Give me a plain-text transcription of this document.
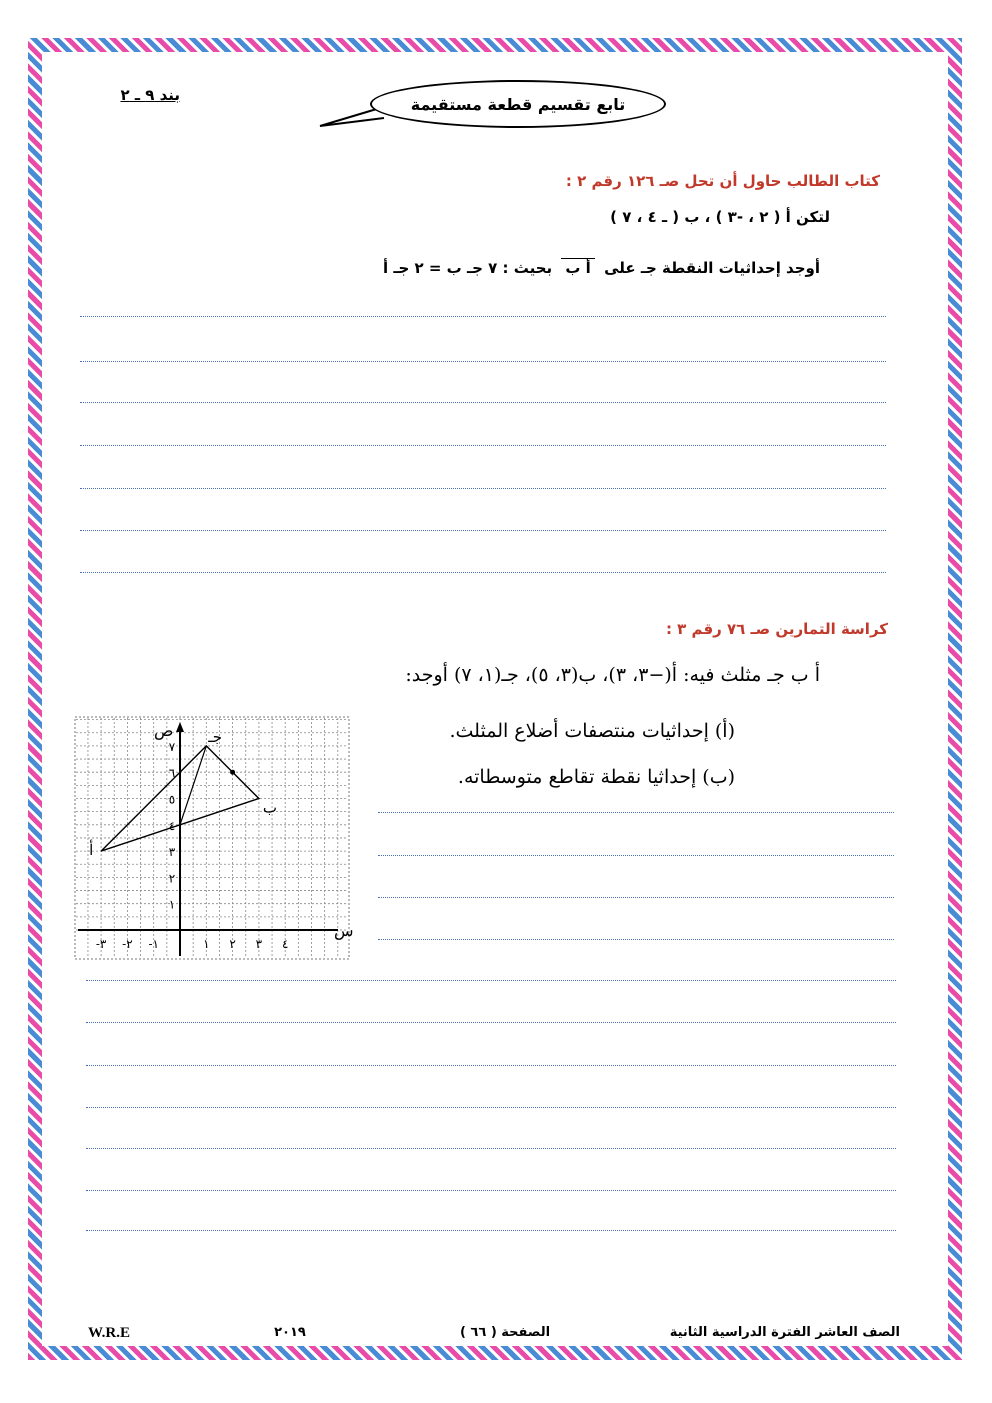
بند ٩ ـ ٢	تابع تقسيم قطعة مستقيمة
كتاب الطالب حاول أن تحل صـ ١٢٦ رقم ٢ :
لتكن ﺃ ( ٢ ، -٣ ) ، ب ( ـ ٤ ، ٧ )
أوجد إحداثيات النقطة جـ على ﺃ ب بحيث : ٧ جـ ب = ٢ جـ ﺃ
كراسة التمارين صـ ٧٦ رقم ٣ :
ﺃ ب جـ مثلث فيه: ﺃ(−٣، ٣)، ب(٣، ٥)، جـ(١، ٧) أوجد:
(أ) إحداثيات منتصفات أضلاع المثلث.
(ب) إحداثيا نقطة تقاطع متوسطاته.
س
ص
-٣ -٢ -١	١ ٢ ٣ ٤
١
٢
٣
٤
٥
٦
٧
ﺃ
ب
جـ
الصف العاشر الفترة الدراسية الثانية
الصفحة ( ٦٦ )
٢٠١٩
W.R.E
